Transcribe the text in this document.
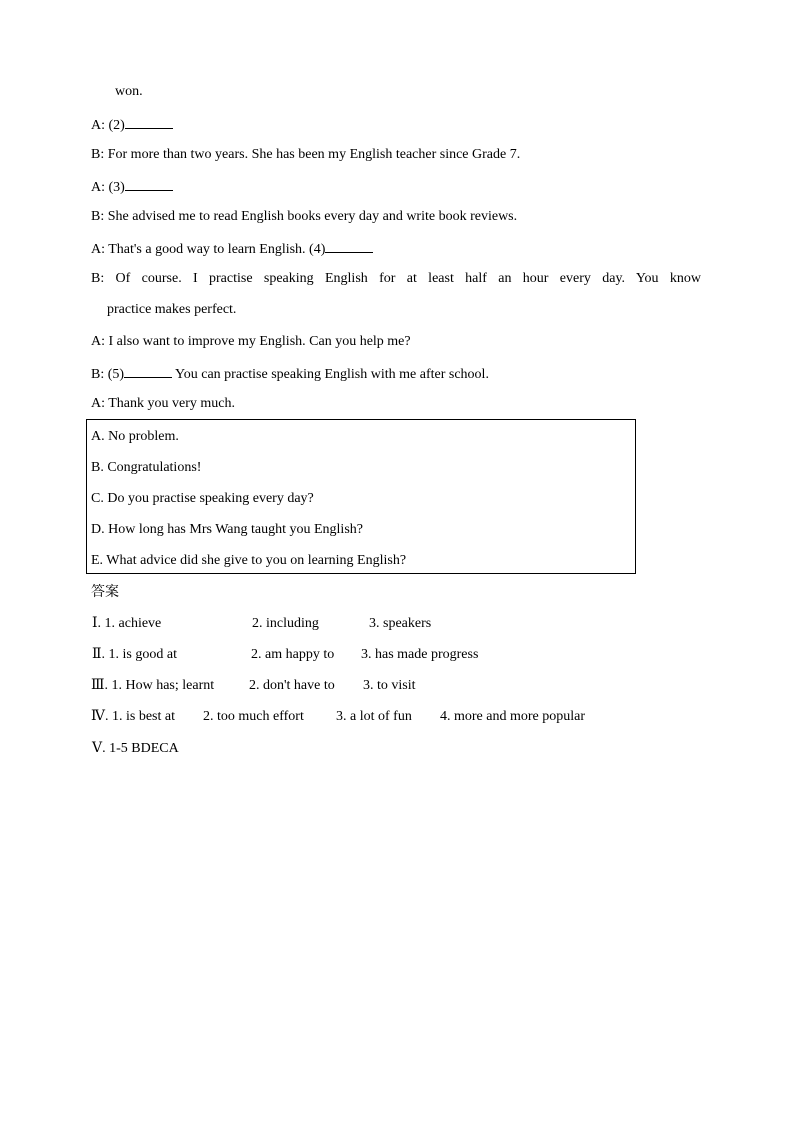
won.
A: (2)
B: For more than two years. She has been my English teacher since Grade 7.
A: (3)
B: She advised me to read English books every day and write book reviews.
A: That's a good way to learn English. (4)
B: Of course. I practise speaking English for at least half an hour every day. You know
practice makes perfect.
A: I also want to improve my English. Can you help me?
B: (5)	You can practise speaking English with me after school.
A: Thank you very much.
A. No problem.
B. Congratulations!
C. Do you practise speaking every day?
D. How long has Mrs Wang taught you English?
E. What advice did she give to you on learning English?
答案
Ⅰ. 1. achieve	2. including	3. speakers
Ⅱ. 1. is good at	2. am happy to 3. has made progress
Ⅲ. 1. How has; learnt 2. don't have to 3. to visit
Ⅳ. 1. is best at 2. too much effort 3. a lot of fun 4. more and more popular
Ⅴ. 1-5 BDECA
